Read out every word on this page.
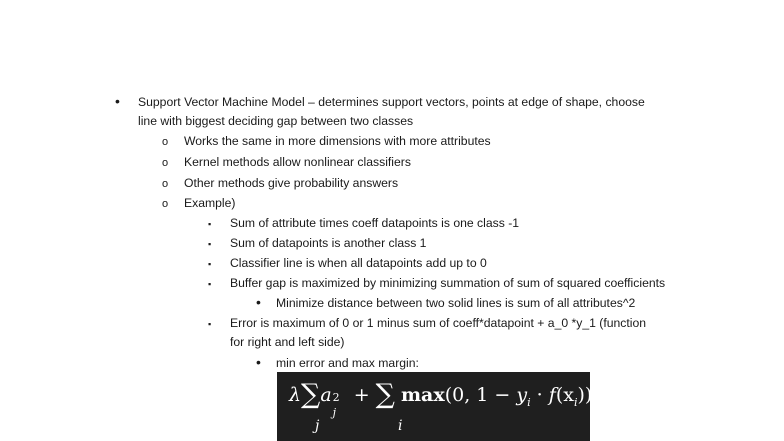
• Support Vector Machine Model – determines support vectors, points at edge of shape, choose
line with biggest deciding gap between two classes
o Works the same in more dimensions with more attributes
o Kernel methods allow nonlinear classifiers
o Other methods give probability answers
o Example)
▪ Sum of attribute times coeff datapoints is one class -1
▪ Sum of datapoints is another class 1
▪ Classifier line is when all datapoints add up to 0
▪ Buffer gap is maximized by minimizing summation of sum of squared coefficients
• Minimize distance between two solid lines is sum of all attributes^2
▪ Error is maximum of 0 or 1 minus sum of coeff*datapoint + a_0 *y_1 (function
for right and left side)
• min error and max margin:
λ∑a 2
j
+ ∑ max(0, $1 - y_i \cdot f(x_i)$)
j	i
